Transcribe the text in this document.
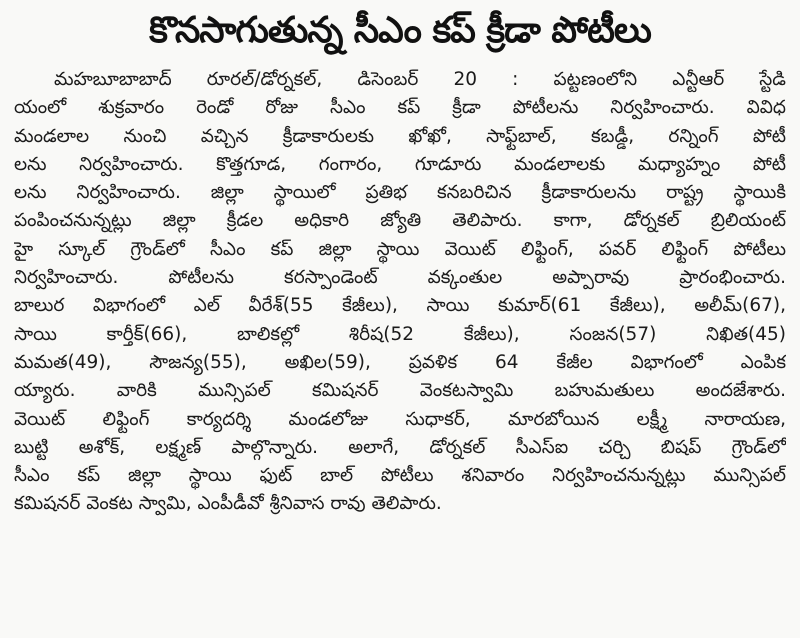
కొనసాగుతున్న సీఎం కప్ క్రీడా పోటీలు
మహబూబాబాద్ రూరల్/డోర్నకల్, డిసెంబర్ 20 : పట్టణంలోని ఎన్టీఆర్ స్టేడి
యంలో శుక్రవారం రెండో రోజు సీఎం కప్ క్రీడా పోటీలను నిర్వహించారు. వివిధ
మండలాల నుంచి వచ్చిన క్రీడాకారులకు ఖోఖో, సాఫ్ట్‌బాల్, కబడ్డీ, రన్నింగ్ పోటీ
లను నిర్వహించారు. కొత్తగూడ, గంగారం, గూడూరు మండలాలకు మధ్యాహ్నం పోటీ
లను నిర్వహించారు. జిల్లా స్థాయిలో ప్రతిభ కనబరిచిన క్రీడాకారులను రాష్ట్ర స్థాయికి
పంపించనున్నట్లు జిల్లా క్రీడల అధికారి జ్యోతి తెలిపారు. కాగా, డోర్నకల్ బ్రిలియంట్
హై స్కూల్ గ్రౌండ్‌లో సీఎం కప్ జిల్లా స్థాయి వెయిట్ లిఫ్టింగ్, పవర్ లిఫ్టింగ్ పోటీలు
నిర్వహించారు. పోటీలను కరస్పాండెంట్ వక్కంతుల అప్పారావు ప్రారంభించారు.
బాలుర విభాగంలో ఎల్ వీరేశ్(55 కేజీలు), సాయి కుమార్(61 కేజీలు), అలీమ్(67),
సాయి కార్తీక్(66), బాలికల్లో శిరీష(52 కేజీలు), సంజన(57) నిఖిత(45)
మమత(49), సౌజన్య(55), అఖిల(59), ప్రవళిక 64 కేజీల విభాగంలో ఎంపిక
య్యారు. వారికి మున్సిపల్ కమిషనర్ వెంకటస్వామి బహుమతులు అందజేశారు.
వెయిట్ లిఫ్టింగ్ కార్యదర్శి మండలోజు సుధాకర్, మారబోయిన లక్ష్మీ నారాయణ,
బుట్టి అశోక్, లక్ష్మణ్ పాల్గొన్నారు. అలాగే, డోర్నకల్ సీఎస్ఐ చర్చి బిషప్ గ్రౌండ్‌లో
సీఎం కప్ జిల్లా స్థాయి ఫుట్ బాల్ పోటీలు శనివారం నిర్వహించనున్నట్లు మున్సిపల్
కమిషనర్ వెంకట స్వామి, ఎంపీడీవో శ్రీనివాస రావు తెలిపారు.
